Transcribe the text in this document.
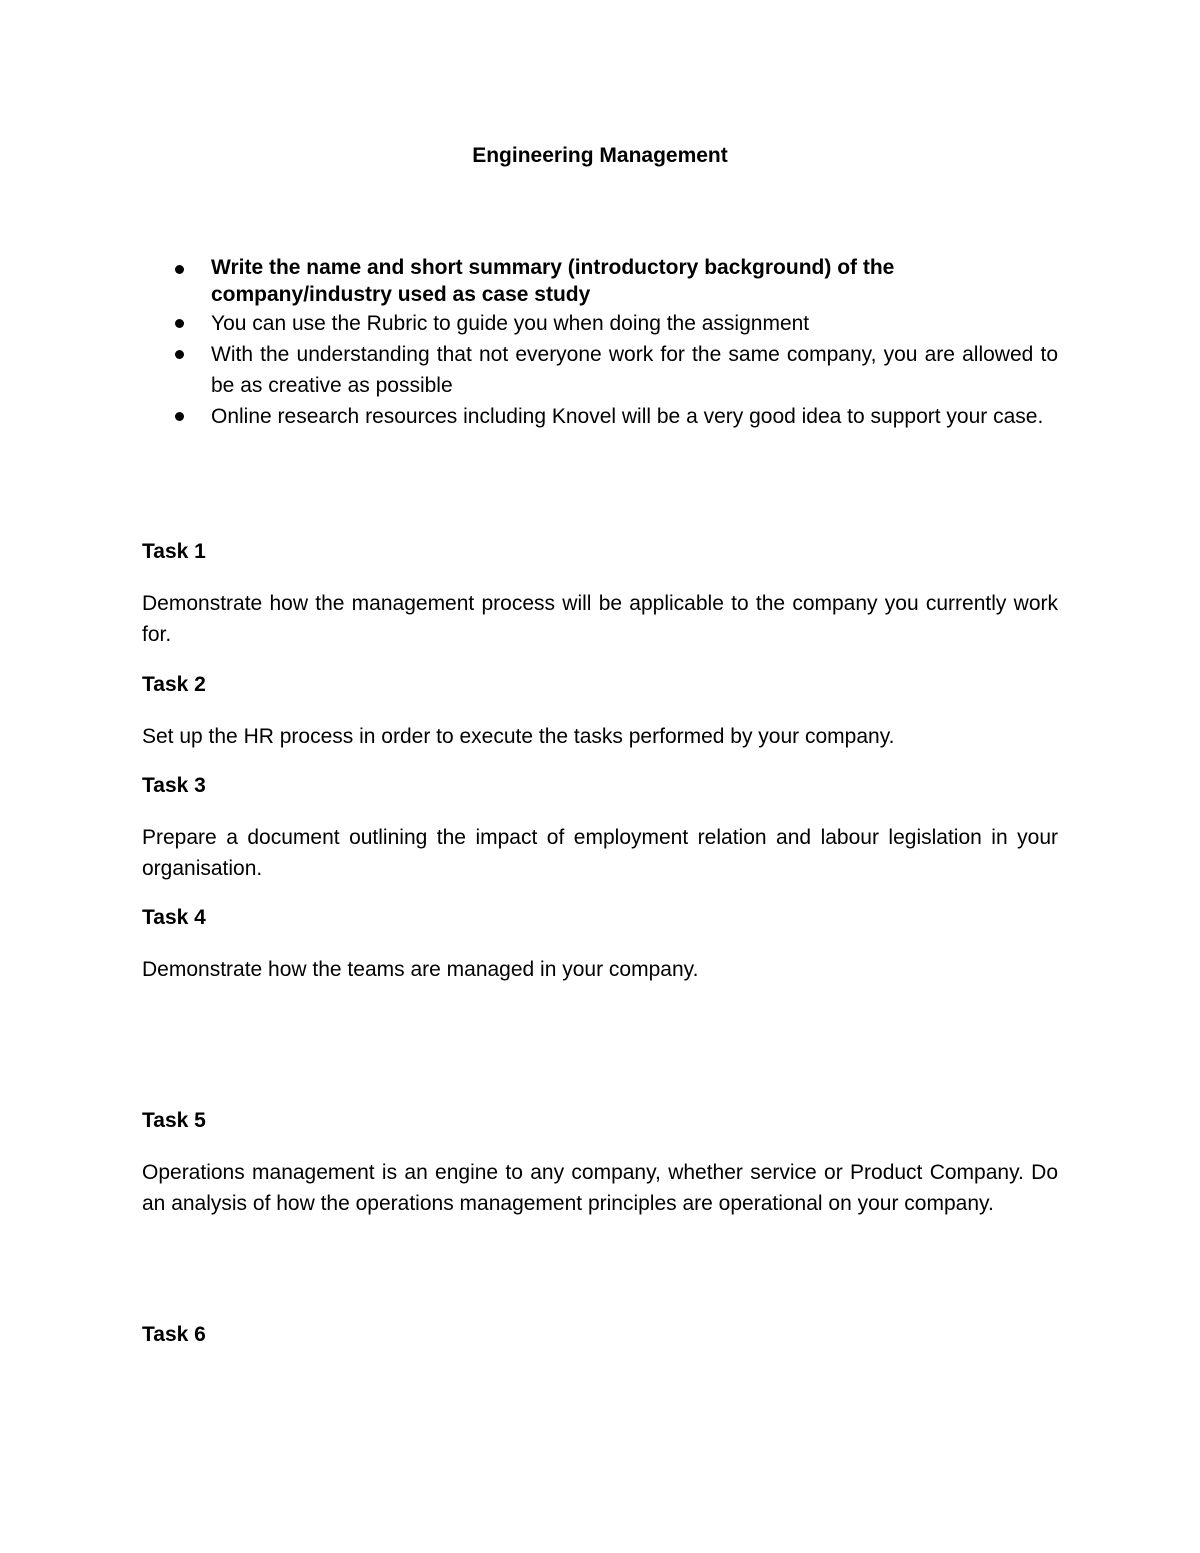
Engineering Management
Write the name and short summary (introductory background) of the company/industry used as case study
You can use the Rubric to guide you when doing the assignment
With the understanding that not everyone work for the same company, you are allowed to be as creative as possible
Online research resources including Knovel will be a very good idea to support your case.
Task 1
Demonstrate how the management process will be applicable to the company you currently work for.
Task 2
Set up the HR process in order to execute the tasks performed by your company.
Task 3
Prepare a document outlining the impact of employment relation and labour legislation in your organisation.
Task 4
Demonstrate how the teams are managed in your company.
Task 5
Operations management is an engine to any company, whether service or Product Company. Do an analysis of how the operations management principles are operational on your company.
Task 6
